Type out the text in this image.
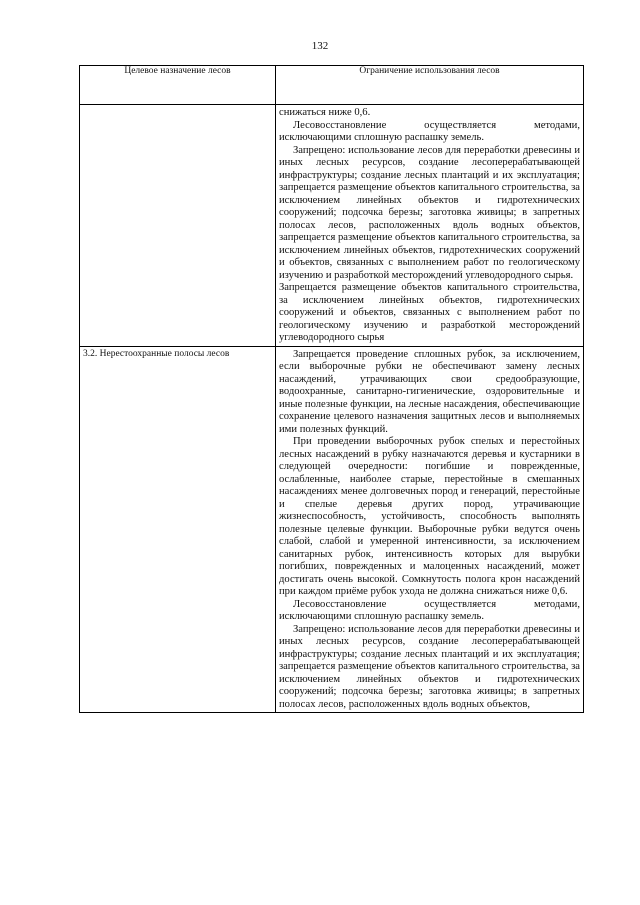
132
Целевое назначение лесов	Ограничение использования лесов

	снижаться ниже 0,6.

Лесовосстановление осуществляется методами, исключающими сплошную распашку земель.

Запрещено: использование лесов для переработки древесины и иных лесных ресурсов, создание лесоперерабатывающей инфраструктуры; создание лесных плантаций и их эксплуатация; запрещается размещение объектов капитального строительства, за исключением линейных объектов и гидротехнических сооружений; подсочка березы; заготовка живицы; в запретных полосах лесов, расположенных вдоль водных объектов, запрещается размещение объектов капитального строительства, за исключением линейных объектов, гидротехнических сооружений и объектов, связанных с выполнением работ по геологическому изучению и разработкой месторождений углеводородного сырья.

Запрещается размещение объектов капитального строительства, за исключением линейных объектов, гидротехнических сооружений и объектов, связанных с выполнением работ по геологическому изучению и разработкой месторождений углеводородного сырья

3.2. Нерестоохранные полосы лесов	Запрещается проведение сплошных рубок, за исключением, если выборочные рубки не обеспечивают замену лесных насаждений, утрачивающих свои средообразующие, водоохранные, санитарно-гигиенические, оздоровительные и иные полезные функции, на лесные насаждения, обеспечивающие сохранение целевого назначения защитных лесов и выполняемых ими полезных функций.

При проведении выборочных рубок спелых и перестойных лесных насаждений в рубку назначаются деревья и кустарники в следующей очередности: погибшие и поврежденные, ослабленные, наиболее старые, перестойные в смешанных насаждениях менее долговечных пород и генераций, перестойные и спелые деревья других пород, утрачивающие жизнеспособность, устойчивость, способность выполнять полезные целевые функции. Выборочные рубки ведутся очень слабой, слабой и умеренной интенсивности, за исключением санитарных рубок, интенсивность которых для вырубки погибших, поврежденных и малоценных насаждений, может достигать очень высокой. Сомкнутость полога крон насаждений при каждом приёме рубок ухода не должна снижаться ниже 0,6.

Лесовосстановление осуществляется методами, исключающими сплошную распашку земель.

Запрещено: использование лесов для переработки древесины и иных лесных ресурсов, создание лесоперерабатывающей инфраструктуры; создание лесных плантаций и их эксплуатация; запрещается размещение объектов капитального строительства, за исключением линейных объектов и гидротехнических сооружений; подсочка березы; заготовка живицы; в запретных полосах лесов, расположенных вдоль водных объектов,
